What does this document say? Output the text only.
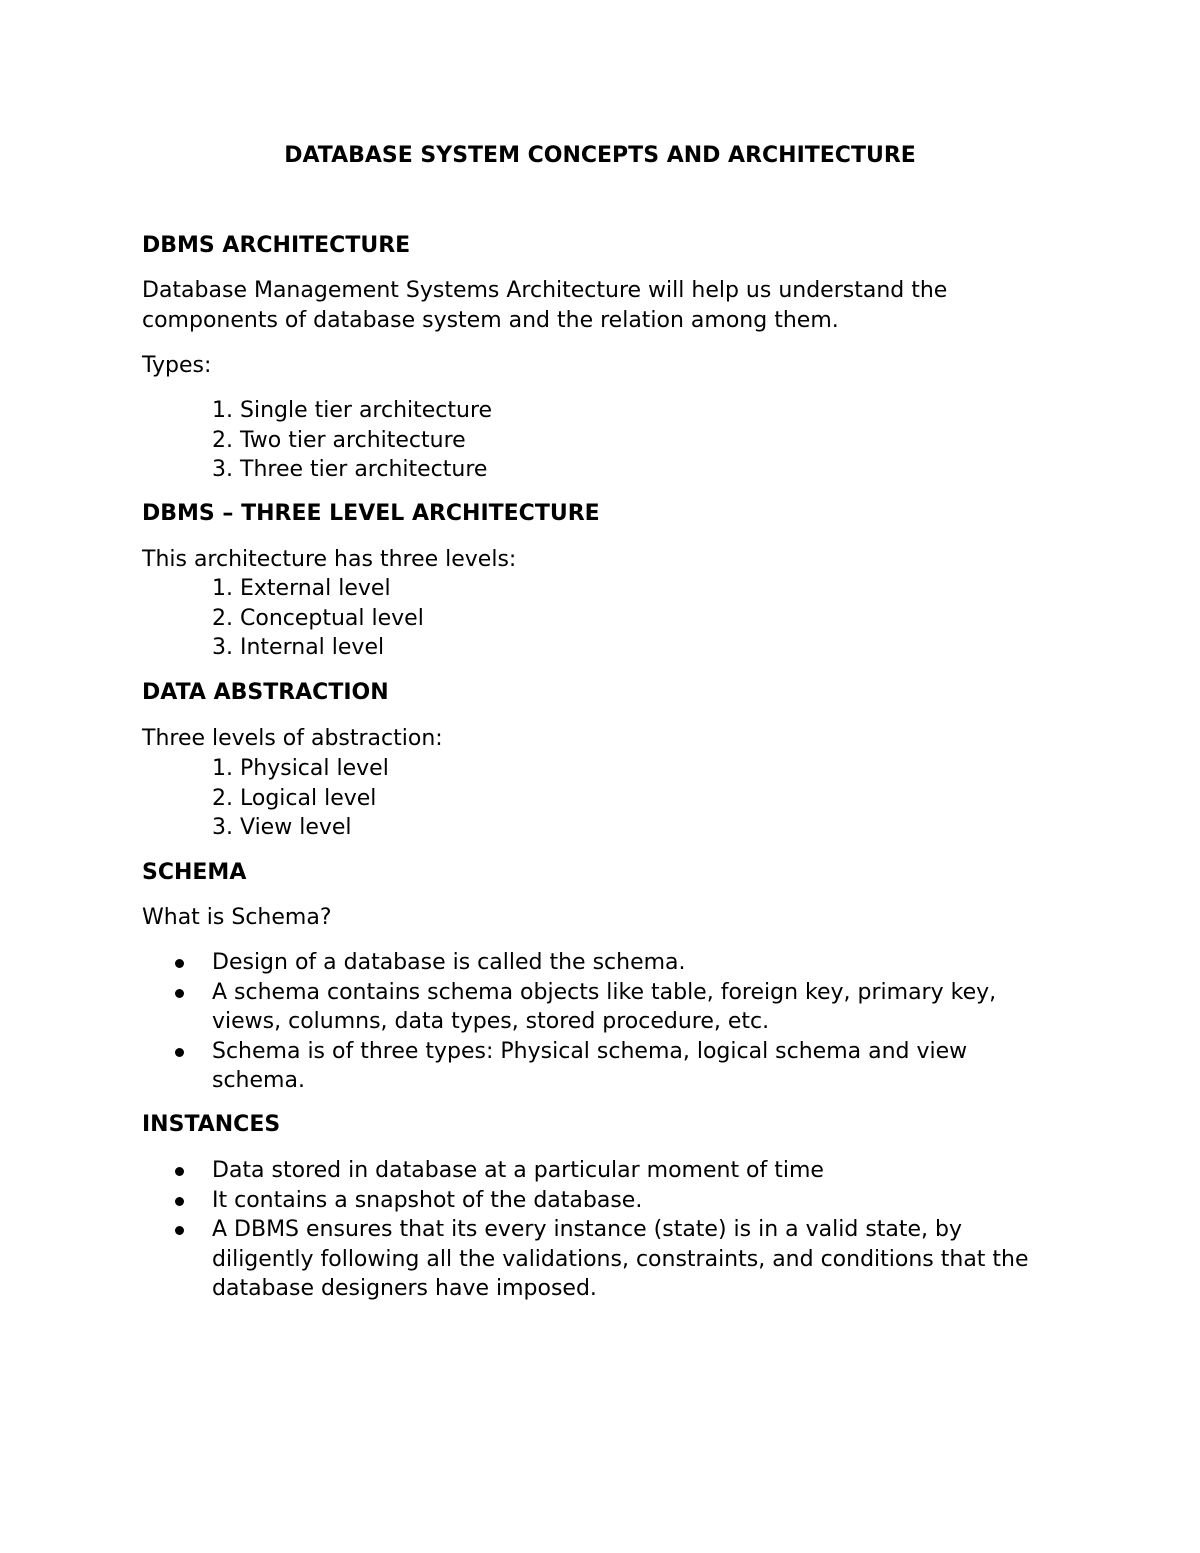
DATABASE SYSTEM CONCEPTS AND ARCHITECTURE
DBMS ARCHITECTURE
Database Management Systems Architecture will help us understand the components of database system and the relation among them.
Types:
1. Single tier architecture
2. Two tier architecture
3. Three tier architecture
DBMS – THREE LEVEL ARCHITECTURE
This architecture has three levels:
1. External level
2. Conceptual level
3. Internal level
DATA ABSTRACTION
Three levels of abstraction:
1. Physical level
2. Logical level
3. View level
SCHEMA
What is Schema?
Design of a database is called the schema.
A schema contains schema objects like table, foreign key, primary key, views, columns, data types, stored procedure, etc.
Schema is of three types: Physical schema, logical schema and view schema.
INSTANCES
Data stored in database at a particular moment of time
It contains a snapshot of the database.
A DBMS ensures that its every instance (state) is in a valid state, by diligently following all the validations, constraints, and conditions that the database designers have imposed.
